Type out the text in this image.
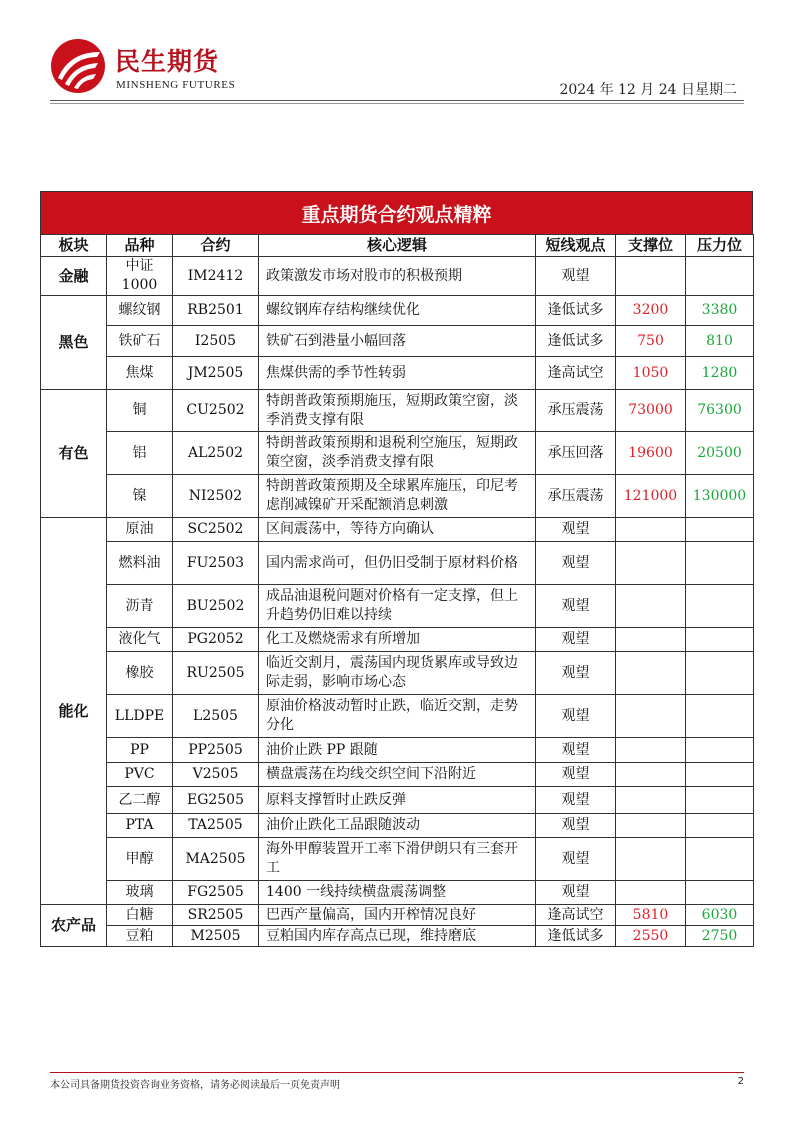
民生期货
MINSHENG FUTURES	2024 年 12 月 24 日星期二
重点期货合约观点精粹
板块	品种	合约	核心逻辑	短线观点	支撑位	压力位
金融	中证 1000	IM2412	政策激发市场对股市的积极预期	观望		
黑色	螺纹钢	RB2501	螺纹钢库存结构继续优化	逢低试多	3200	3380
	铁矿石	I2505	铁矿石到港量小幅回落	逢低试多	750	810
	焦煤	JM2505	焦煤供需的季节性转弱	逢高试空	1050	1280
有色	铜	CU2502	特朗普政策预期施压，短期政策空窗，淡季消费支撑有限	承压震荡	73000	76300
	铝	AL2502	特朗普政策预期和退税利空施压，短期政策空窗，淡季消费支撑有限	承压回落	19600	20500
	镍	NI2502	特朗普政策预期及全球累库施压，印尼考虑削减镍矿开采配额消息刺激	承压震荡	121000	130000
能化	原油	SC2502	区间震荡中，等待方向确认	观望		
	燃料油	FU2503	国内需求尚可，但仍旧受制于原材料价格	观望		
	沥青	BU2502	成品油退税问题对价格有一定支撑，但上升趋势仍旧难以持续	观望		
	液化气	PG2052	化工及燃烧需求有所增加	观望		
	橡胶	RU2505	临近交割月，震荡国内现货累库或导致边际走弱，影响市场心态	观望		
	LLDPE	L2505	原油价格波动暂时止跌，临近交割，走势分化	观望		
	PP	PP2505	油价止跌 PP 跟随	观望		
	PVC	V2505	横盘震荡在均线交织空间下沿附近	观望		
	乙二醇	EG2505	原料支撑暂时止跌反弹	观望		
	PTA	TA2505	油价止跌化工品跟随波动	观望		
	甲醇	MA2505	海外甲醇装置开工率下滑伊朗只有三套开工	观望		
	玻璃	FG2505	1400 一线持续横盘震荡调整	观望		
农产品	白糖	SR2505	巴西产量偏高，国内开榨情况良好	逢高试空	5810	6030
	豆粕	M2505	豆粕国内库存高点已现，维持磨底	逢低试多	2550	2750
本公司具备期货投资咨询业务资格，请务必阅读最后一页免责声明	2
